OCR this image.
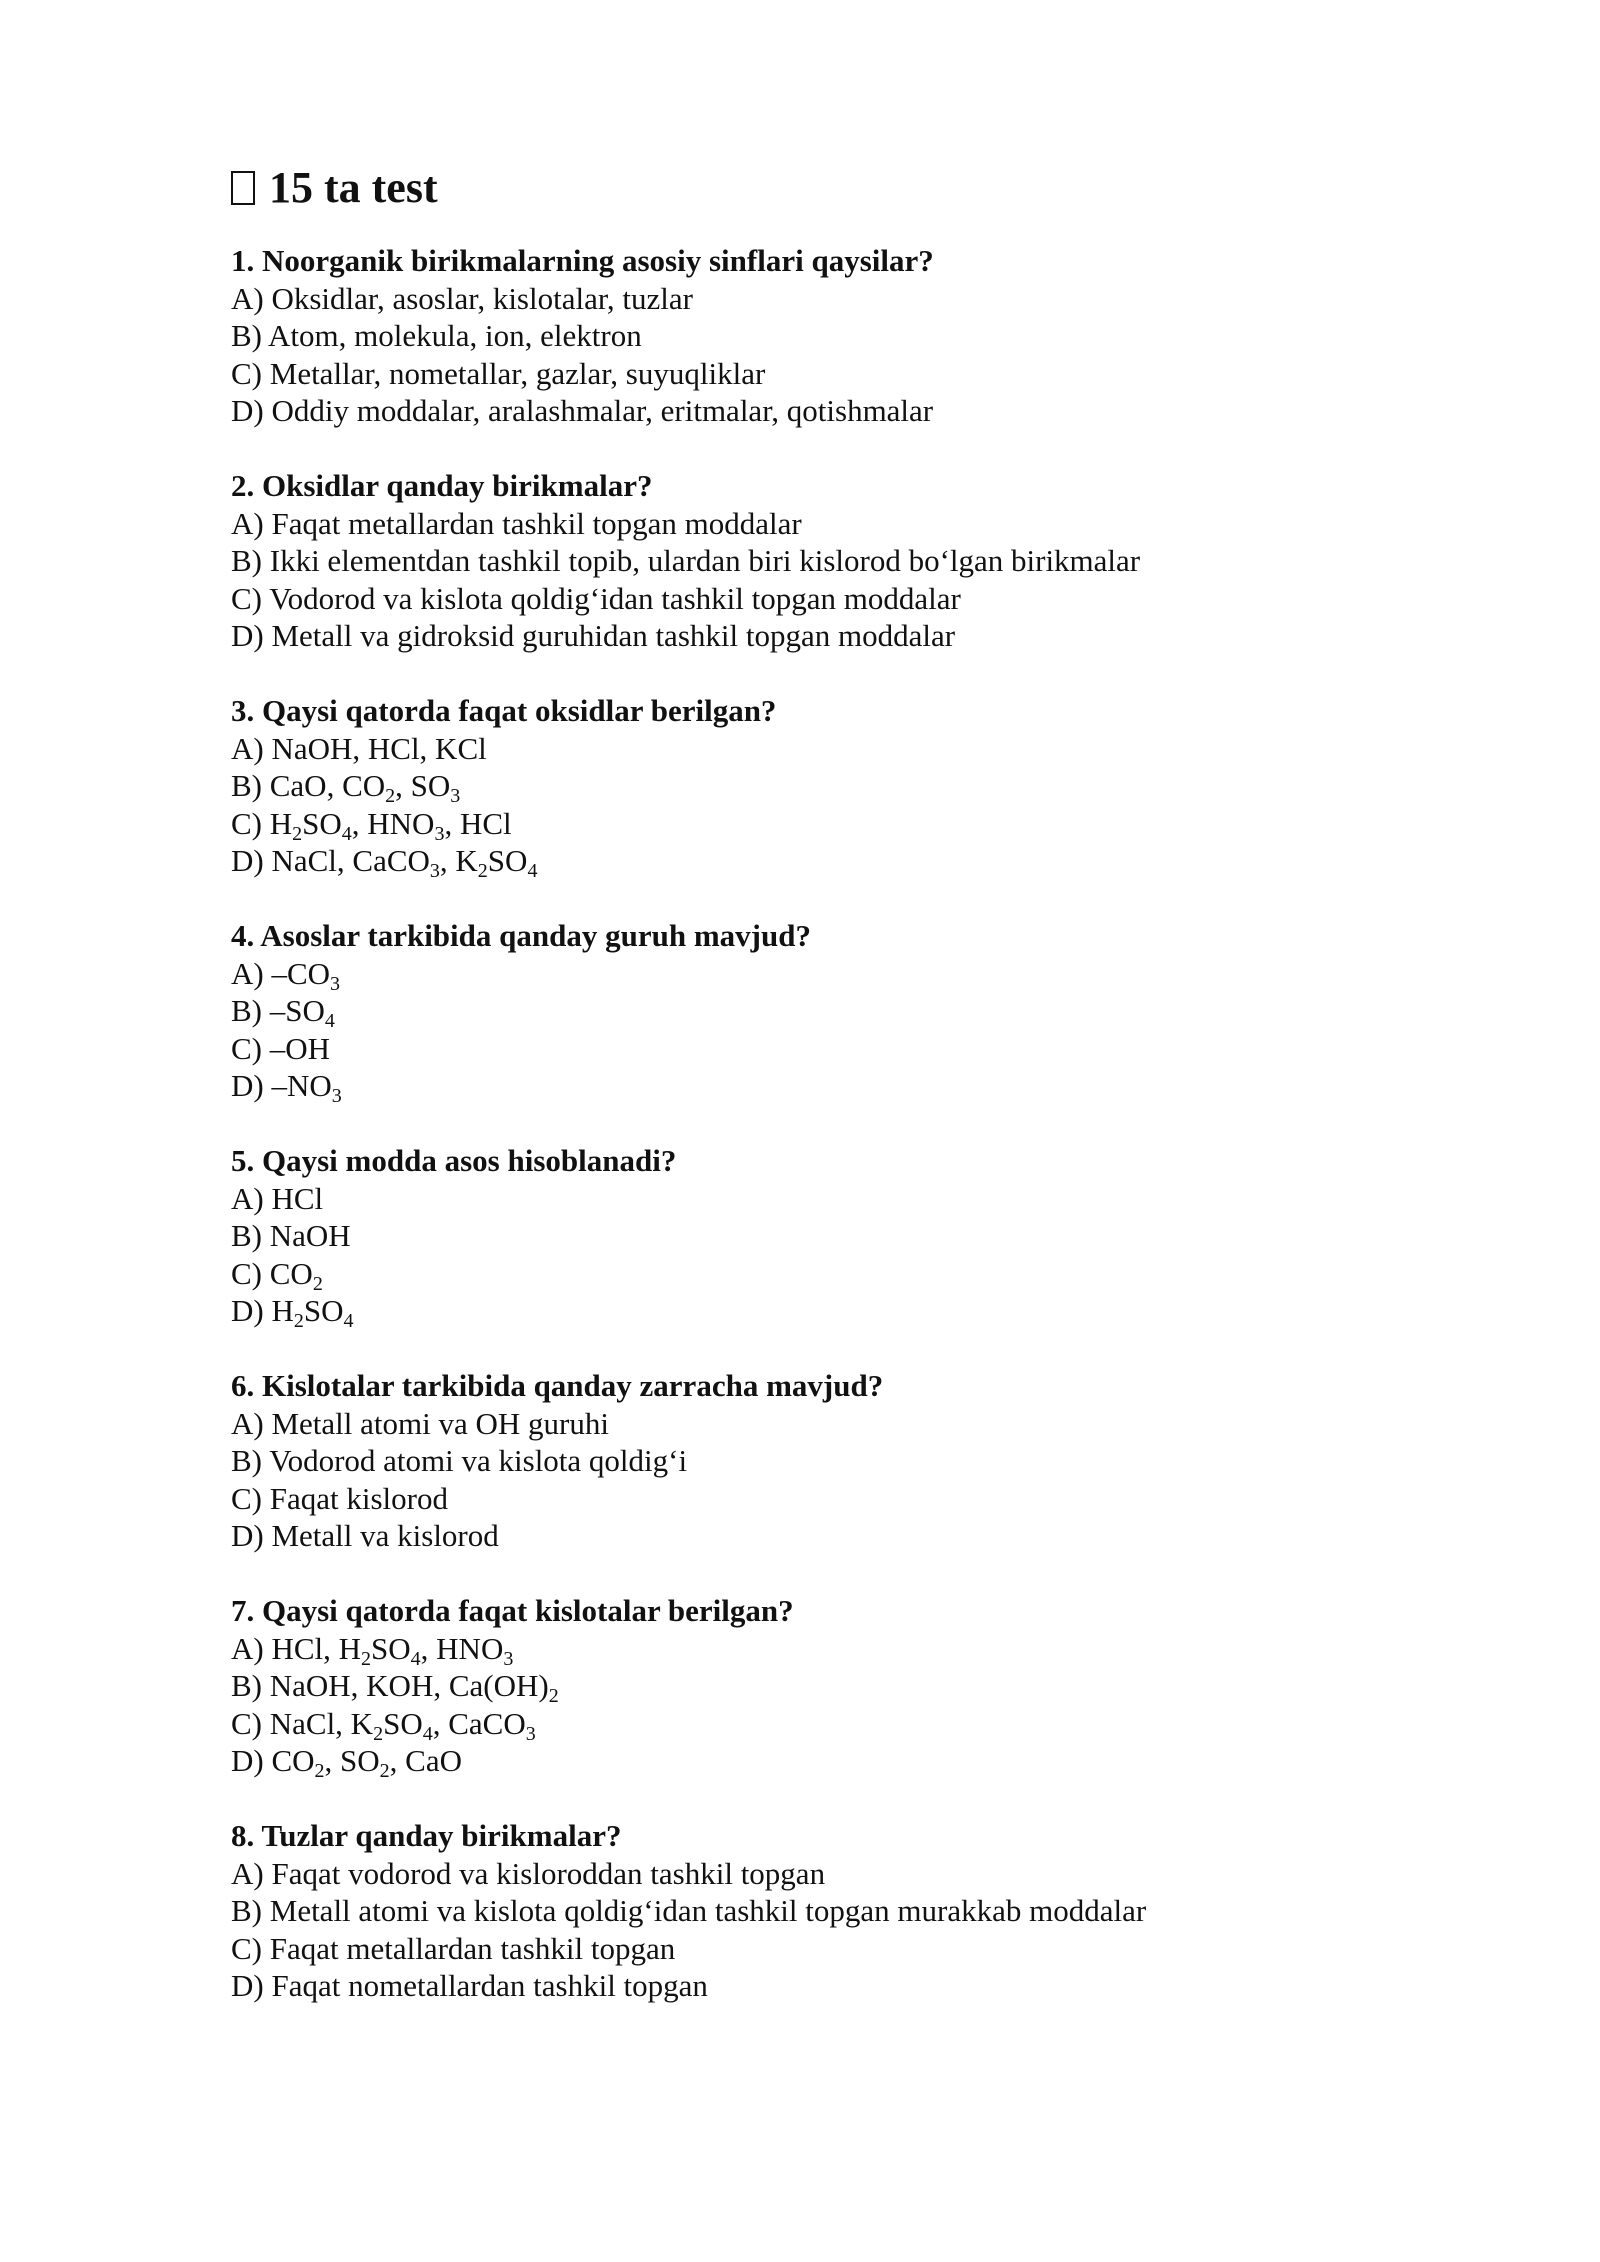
15 ta test
1. Noorganik birikmalarning asosiy sinflari qaysilar?
A) Oksidlar, asoslar, kislotalar, tuzlar
B) Atom, molekula, ion, elektron
C) Metallar, nometallar, gazlar, suyuqliklar
D) Oddiy moddalar, aralashmalar, eritmalar, qotishmalar
2. Oksidlar qanday birikmalar?
A) Faqat metallardan tashkil topgan moddalar
B) Ikki elementdan tashkil topib, ulardan biri kislorod bo‘lgan birikmalar
C) Vodorod va kislota qoldig‘idan tashkil topgan moddalar
D) Metall va gidroksid guruhidan tashkil topgan moddalar
3. Qaysi qatorda faqat oksidlar berilgan?
A) NaOH, HCl, KCl
B) CaO, $CO_2$, $SO_3$
C) $H_2SO_4$, $HNO_3$, HCl
D) NaCl, CaCO$_3$, $K_2SO_4$
4. Asoslar tarkibida qanday guruh mavjud?
A) $-CO_3$
B) $-SO_4$
C) –OH
D) $-NO_3$
5. Qaysi modda asos hisoblanadi?
A) HCl
B) NaOH
C) $CO_2$
D) $H_2SO_4$
6. Kislotalar tarkibida qanday zarracha mavjud?
A) Metall atomi va OH guruhi
B) Vodorod atomi va kislota qoldig‘i
C) Faqat kislorod
D) Metall va kislorod
7. Qaysi qatorda faqat kislotalar berilgan?
A) HCl, $H_2SO_4$, $HNO_3$
B) NaOH, KOH, $Ca(OH)_2$
C) NaCl, $K_2SO_4$, CaCO$_3$
D) $CO_2$, $SO_2$, CaO
8. Tuzlar qanday birikmalar?
A) Faqat vodorod va kisloroddan tashkil topgan
B) Metall atomi va kislota qoldig‘idan tashkil topgan murakkab moddalar
C) Faqat metallardan tashkil topgan
D) Faqat nometallardan tashkil topgan
